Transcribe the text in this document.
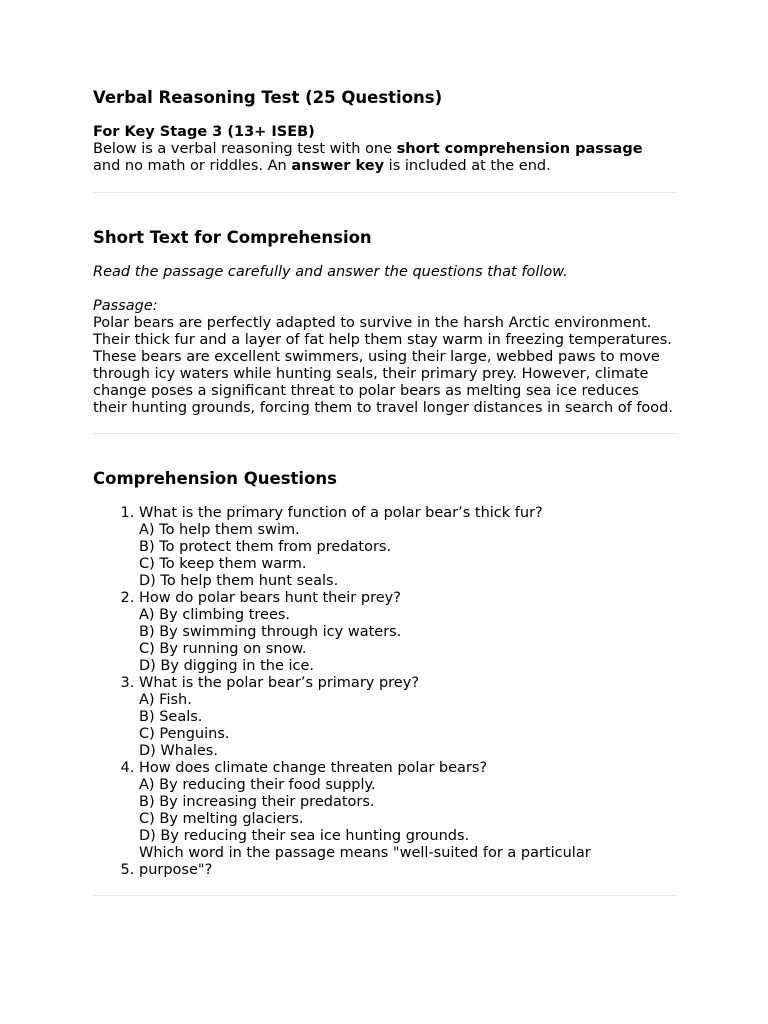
Verbal Reasoning Test (25 Questions)

For Key Stage 3 (13+ ISEB)

Below is a verbal reasoning test with one short comprehension passage and no math or riddles. An answer key is included at the end.

Short Text for Comprehension

Read the passage carefully and answer the questions that follow.

Passage:

Polar bears are perfectly adapted to survive in the harsh Arctic environment. Their thick fur and a layer of fat help them stay warm in freezing temperatures. These bears are excellent swimmers, using their large, webbed paws to move through icy waters while hunting seals, their primary prey. However, climate change poses a significant threat to polar bears as melting sea ice reduces their hunting grounds, forcing them to travel longer distances in search of food.

Comprehension Questions
1. What is the primary function of a polar bear’s thick fur?
A) To help them swim.
B) To protect them from predators.
C) To keep them warm.
D) To help them hunt seals.
2. How do polar bears hunt their prey?
A) By climbing trees.
B) By swimming through icy waters.
C) By running on snow.
D) By digging in the ice.
3. What is the polar bear’s primary prey?
A) Fish.
B) Seals.
C) Penguins.
D) Whales.
4. How does climate change threaten polar bears?
A) By reducing their food supply.
B) By increasing their predators.
C) By melting glaciers.
D) By reducing their sea ice hunting grounds.
5. Which word in the passage means "well-suited for a particular purpose"?
